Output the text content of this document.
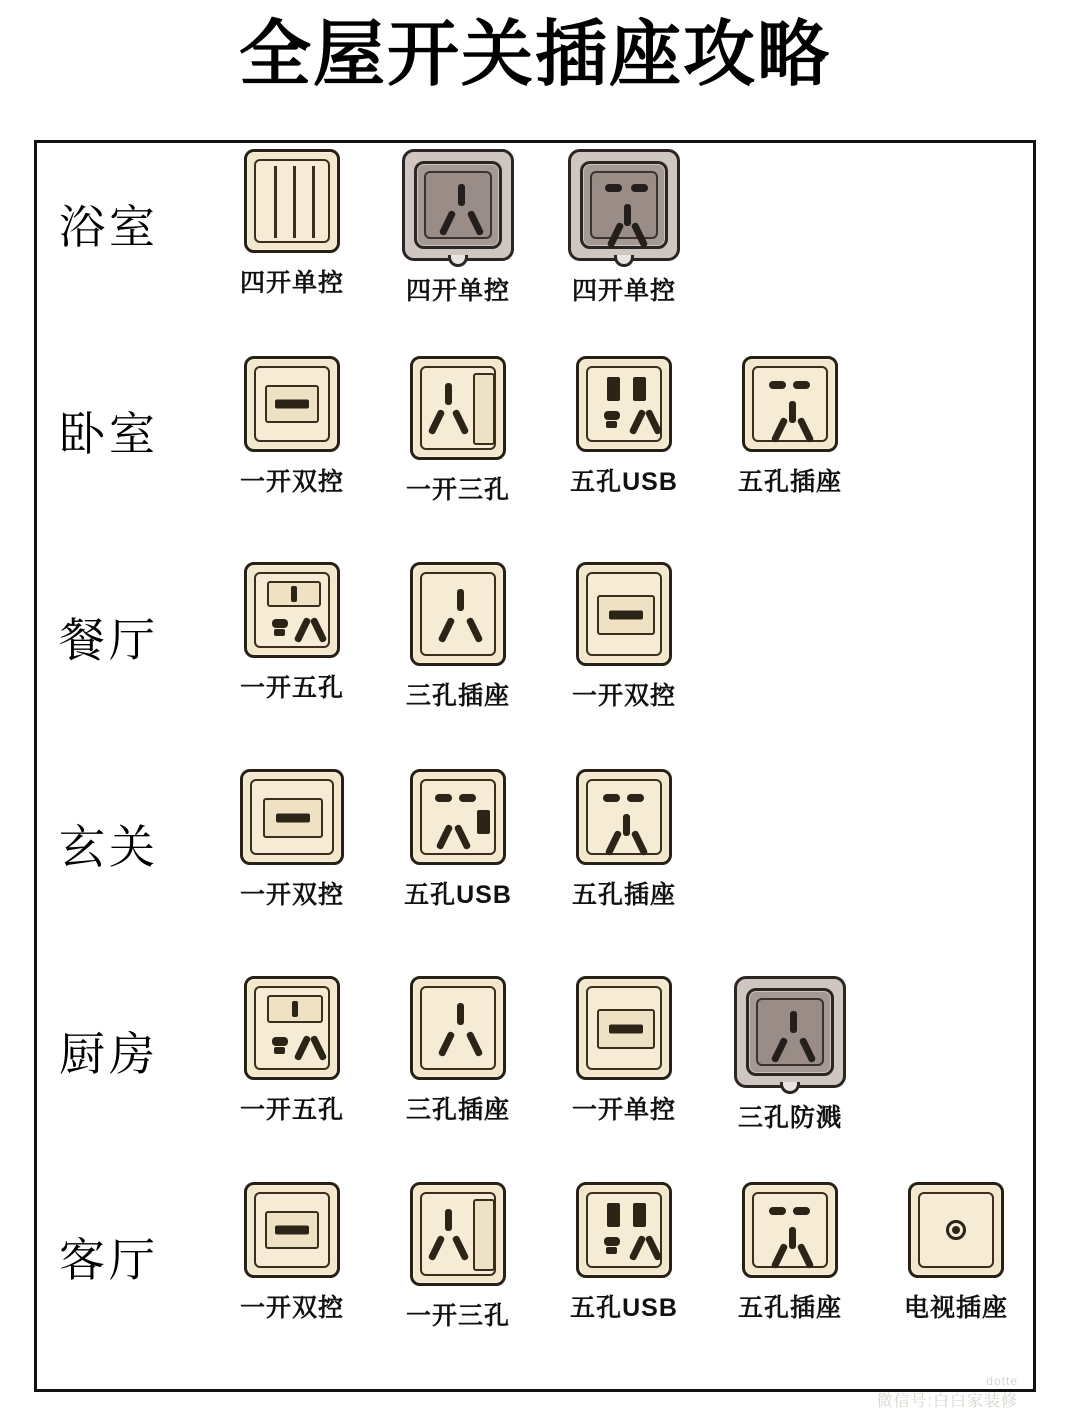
全屋开关插座攻略
浴室
四开单控 四开单控 四开单控
卧室
一开双控 一开三孔 五孔USB 五孔插座
餐厅
一开五孔 三孔插座 一开双控
玄关
一开双控 五孔USB 五孔插座
厨房
一开五孔 三孔插座 一开单控 三孔防溅
客厅
一开双控 一开三孔 五孔USB 五孔插座 电视插座
dotte
微信号:白白家装修
